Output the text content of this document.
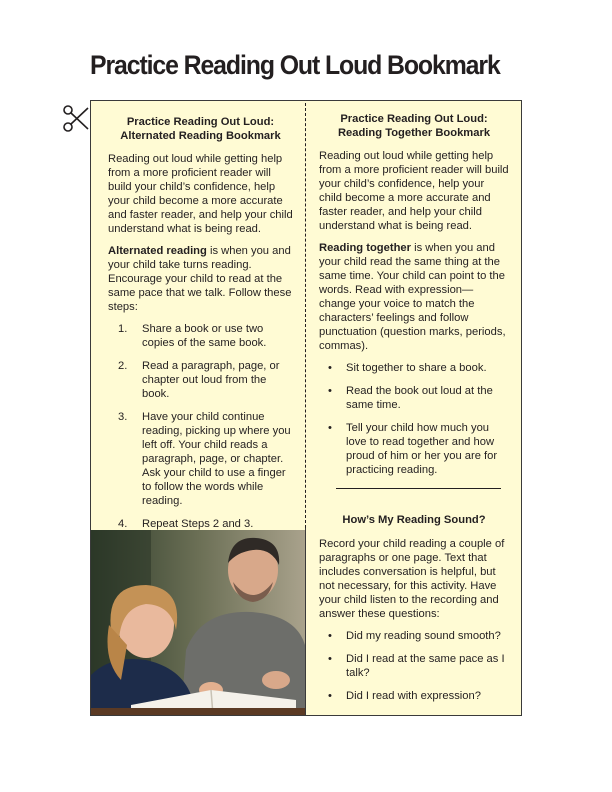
Practice Reading Out Loud Bookmark
Practice Reading Out Loud:
Alternated Reading Bookmark

Reading out loud while getting help from a more proficient reader will build your child’s confidence, help your child become a more accurate and faster reader, and help your child understand what is being read.

Alternated reading is when you and your child take turns reading. Encourage your child to read at the same pace that we talk. Follow these steps:

1. Share a book or use two copies of the same book.
2. Read a paragraph, page, or chapter out loud from the book.
3. Have your child continue reading, picking up where you left off. Your child reads a paragraph, page, or chapter. Ask your child to use a finger to follow the words while reading.
4. Repeat Steps 2 and 3.
Practice Reading Out Loud:
Reading Together Bookmark

Reading out loud while getting help from a more proficient reader will build your child’s confidence, help your child become a more accurate and faster reader, and help your child understand what is being read.

Reading together is when you and your child read the same thing at the same time. Your child can point to the words. Read with expression—change your voice to match the characters’ feelings and follow punctuation (question marks, periods, commas).

• Sit together to share a book.
• Read the book out loud at the same time.
• Tell your child how much you love to read together and how proud of him or her you are for practicing reading.
How’s My Reading Sound?

Record your child reading a couple of paragraphs or one page. Text that includes conversation is helpful, but not necessary, for this activity. Have your child listen to the recording and answer these questions:

• Did my reading sound smooth?
• Did I read at the same pace as I talk?
• Did I read with expression?
